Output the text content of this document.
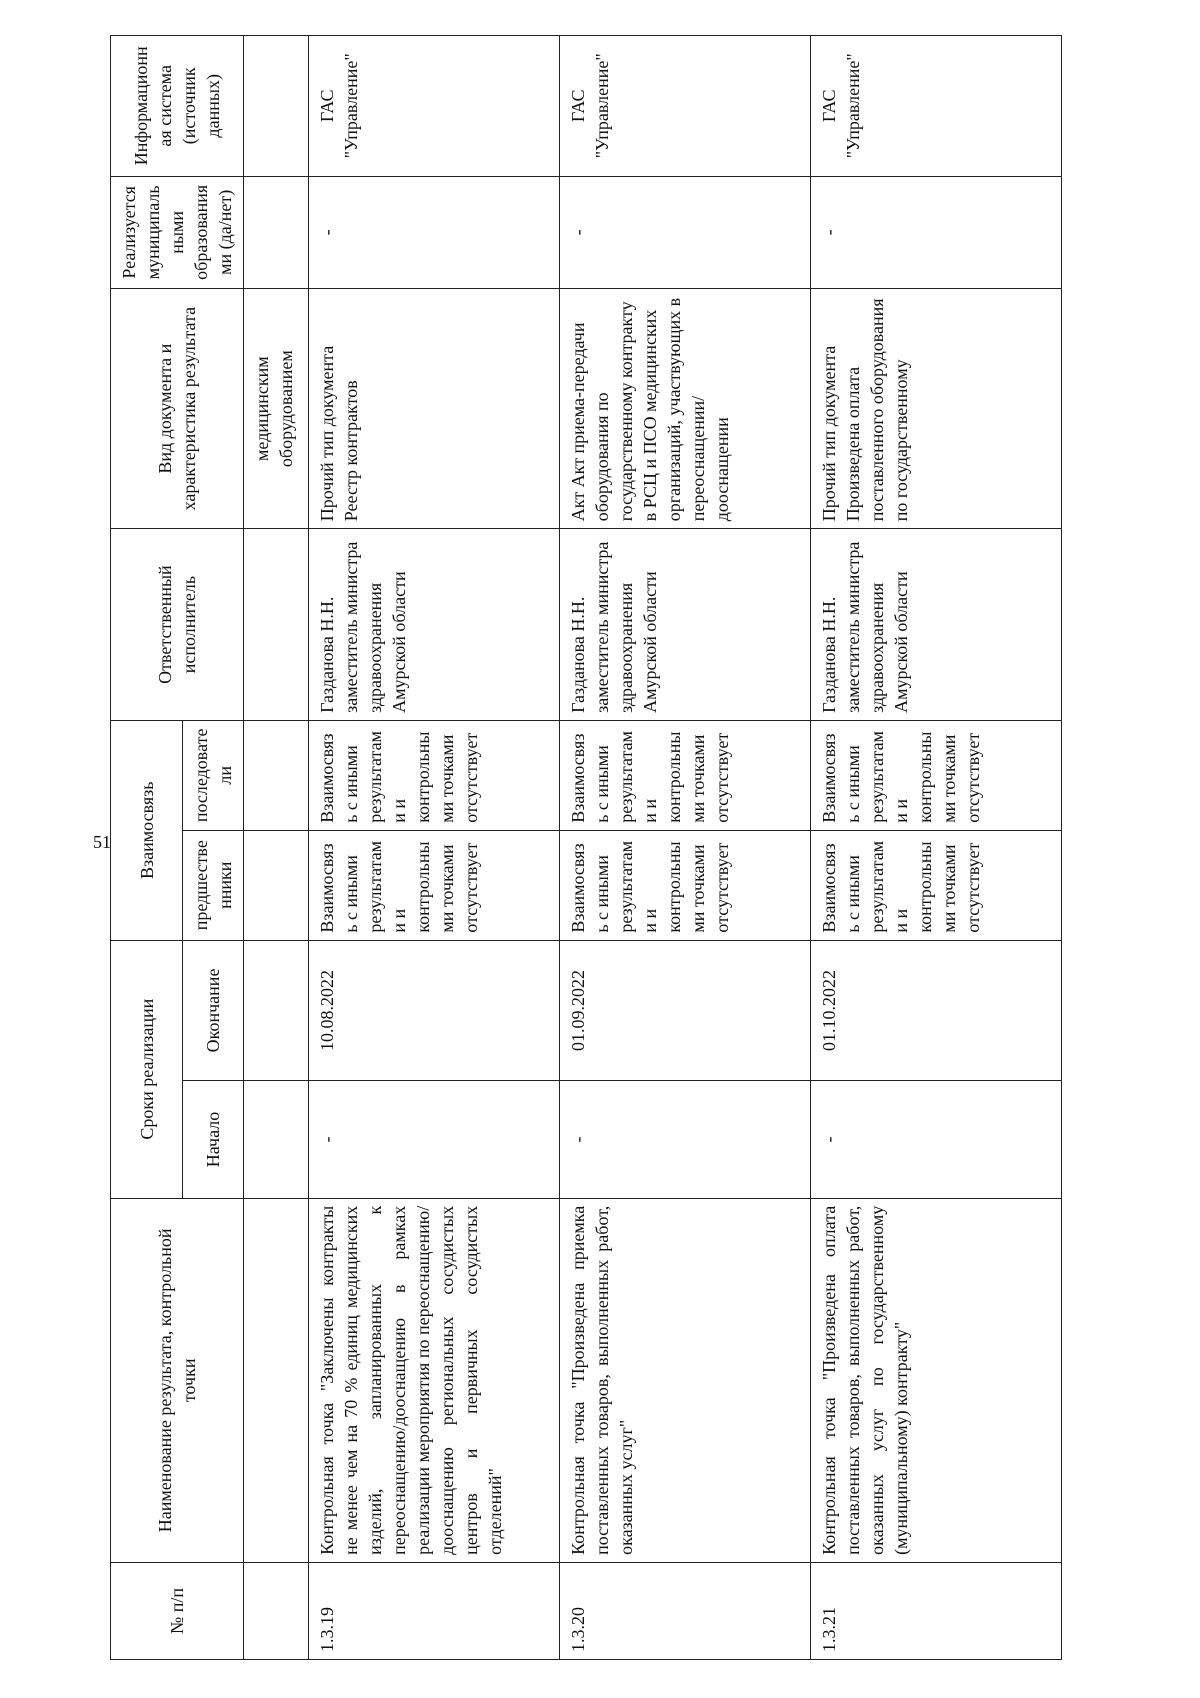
51
№ п/п	Наименование результата, контрольной точки	Сроки реализации		Взаимосвязь		Ответственный исполнитель	Вид документа и характеристика результата	Реализуется муниципальными образованиями (да/нет)	Информационная система (источник данных)
		Начало	Окончание	предшественники	последователи				
							медицинским оборудованием		
1.3.19	Контрольная точка "Заключены контракты не менее чем на 70 % единиц медицинских изделий, запланированных к переоснащению/дооснащению в рамках реализации мероприятия по переоснащению/дооснащению региональных сосудистых центров и первичных сосудистых отделений"	-	10.08.2022	Взаимосвязь с иными результатами и контрольными точками отсутствует	Взаимосвязь с иными результатами и контрольными точками отсутствует	Газданова Н.Н. заместитель министра здравоохранения Амурской области	Прочий тип документа Реестр контрактов	-	ГАС "Управление"
1.3.20	Контрольная точка "Произведена приемка поставленных товаров, выполненных работ, оказанных услуг"	-	01.09.2022	Взаимосвязь с иными результатами и контрольными точками отсутствует	Взаимосвязь с иными результатами и контрольными точками отсутствует	Газданова Н.Н. заместитель министра здравоохранения Амурской области	Акт Акт приема-передачи оборудования по государственному контракту в РСЦ и ПСО медицинских организаций, участвующих в переоснащении/дооснащении	-	ГАС "Управление"
1.3.21	Контрольная точка "Произведена оплата поставленных товаров, выполненных работ, оказанных услуг по государственному (муниципальному) контракту"	-	01.10.2022	Взаимосвязь с иными результатами и контрольными точками отсутствует	Взаимосвязь с иными результатами и контрольными точками отсутствует	Газданова Н.Н. заместитель министра здравоохранения Амурской области	Прочий тип документа Произведена оплата поставленного оборудования по государственному	-	ГАС "Управление"
